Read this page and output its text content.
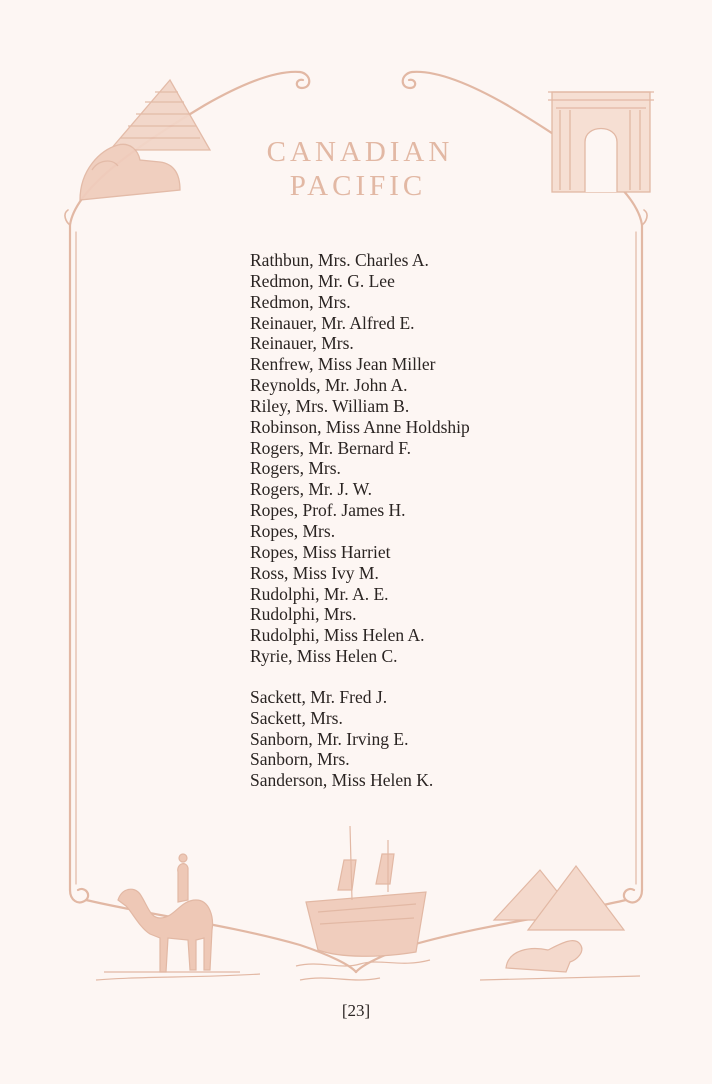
CANADIAN
PACIFIC
Rathbun, Mrs. Charles A.
Redmon, Mr. G. Lee
Redmon, Mrs.
Reinauer, Mr. Alfred E.
Reinauer, Mrs.
Renfrew, Miss Jean Miller
Reynolds, Mr. John A.
Riley, Mrs. William B.
Robinson, Miss Anne Holdship
Rogers, Mr. Bernard F.
Rogers, Mrs.
Rogers, Mr. J. W.
Ropes, Prof. James H.
Ropes, Mrs.
Ropes, Miss Harriet
Ross, Miss Ivy M.
Rudolphi, Mr. A. E.
Rudolphi, Mrs.
Rudolphi, Miss Helen A.
Ryrie, Miss Helen C.
Sackett, Mr. Fred J.
Sackett, Mrs.
Sanborn, Mr. Irving E.
Sanborn, Mrs.
Sanderson, Miss Helen K.
[23]
